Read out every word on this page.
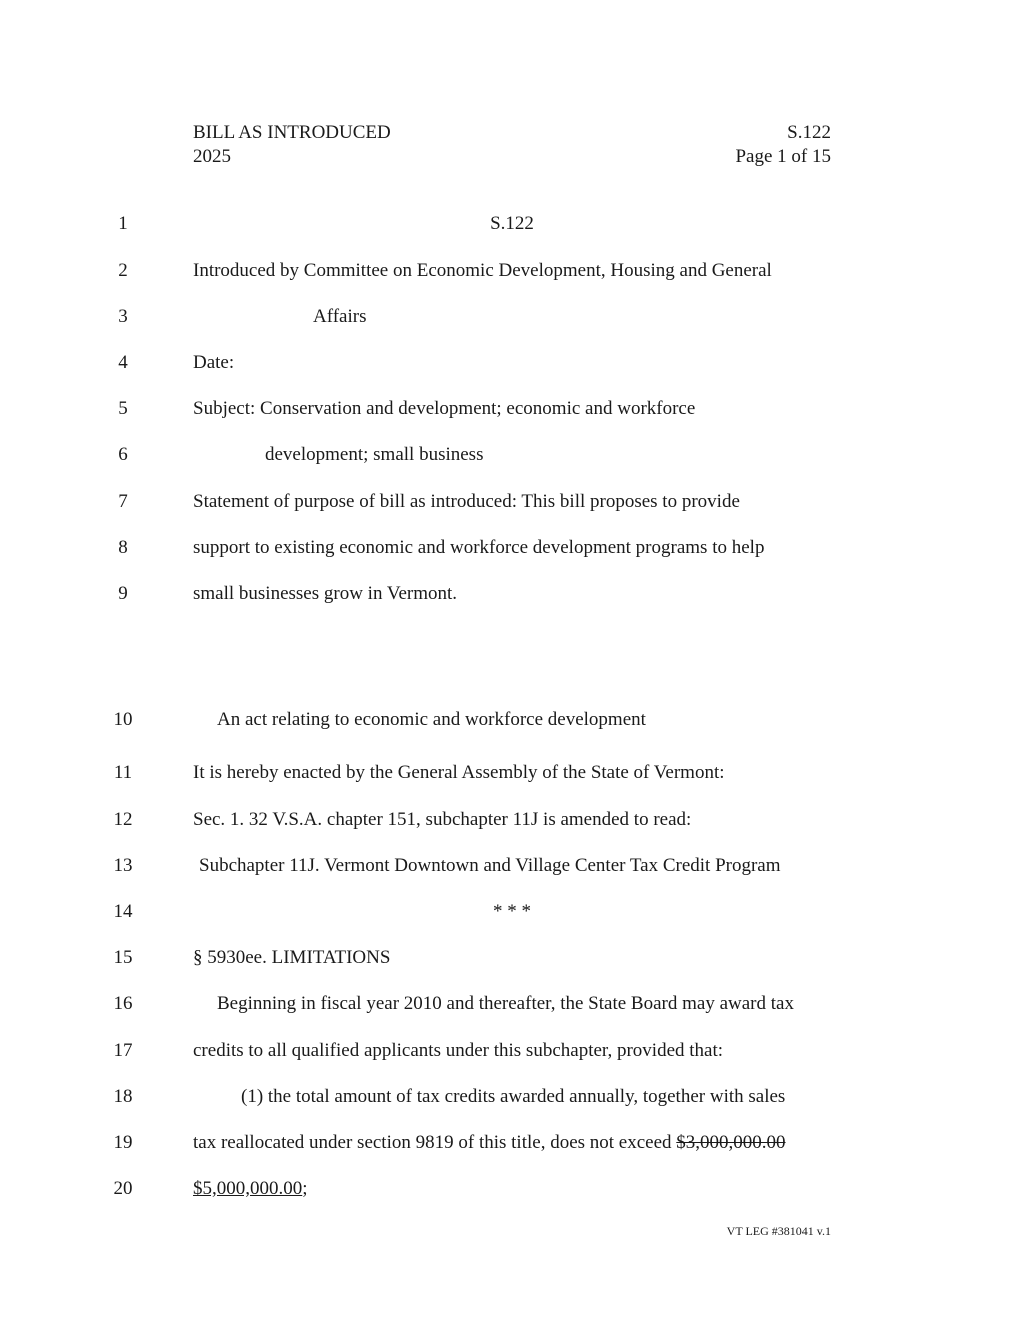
BILL AS INTRODUCED
2025
S.122
Page 1 of 15
1	S.122
2	Introduced by Committee on Economic Development, Housing and General
3	Affairs
4	Date:
5	Subject: Conservation and development; economic and workforce
6	development; small business
7	Statement of purpose of bill as introduced: This bill proposes to provide
8	support to existing economic and workforce development programs to help
9	small businesses grow in Vermont.
10	An act relating to economic and workforce development
11	It is hereby enacted by the General Assembly of the State of Vermont:
12	Sec. 1. 32 V.S.A. chapter 151, subchapter 11J is amended to read:
13	Subchapter 11J. Vermont Downtown and Village Center Tax Credit Program
14	* * *
15	§ 5930ee. LIMITATIONS
16	Beginning in fiscal year 2010 and thereafter, the State Board may award tax
17	credits to all qualified applicants under this subchapter, provided that:
18	(1) the total amount of tax credits awarded annually, together with sales
19	tax reallocated under section 9819 of this title, does not exceed $3,000,000.00
20	$5,000,000.00;
VT LEG #381041 v.1
